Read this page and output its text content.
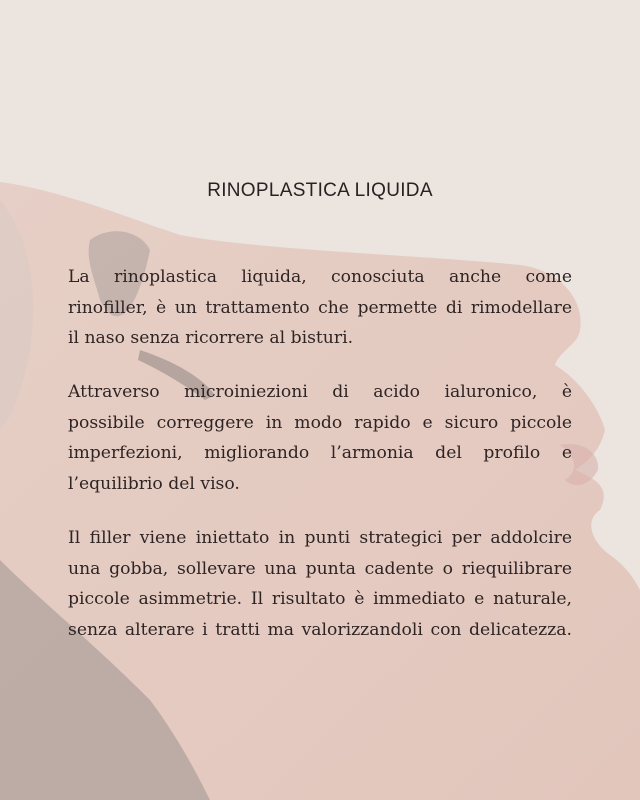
RINOPLASTICA LIQUIDA
La rinoplastica liquida, conosciuta anche come
rinofiller, è un trattamento che permette di rimodellare
il naso senza ricorrere al bisturi.
Attraverso microiniezioni di acido ialuronico, è
possibile correggere in modo rapido e sicuro piccole
imperfezioni, migliorando l’armonia del profilo e
l’equilibrio del viso.
Il filler viene iniettato in punti strategici per addolcire
una gobba, sollevare una punta cadente o riequilibrare
piccole asimmetrie. Il risultato è immediato e naturale,
senza alterare i tratti ma valorizzandoli con delicatezza.
